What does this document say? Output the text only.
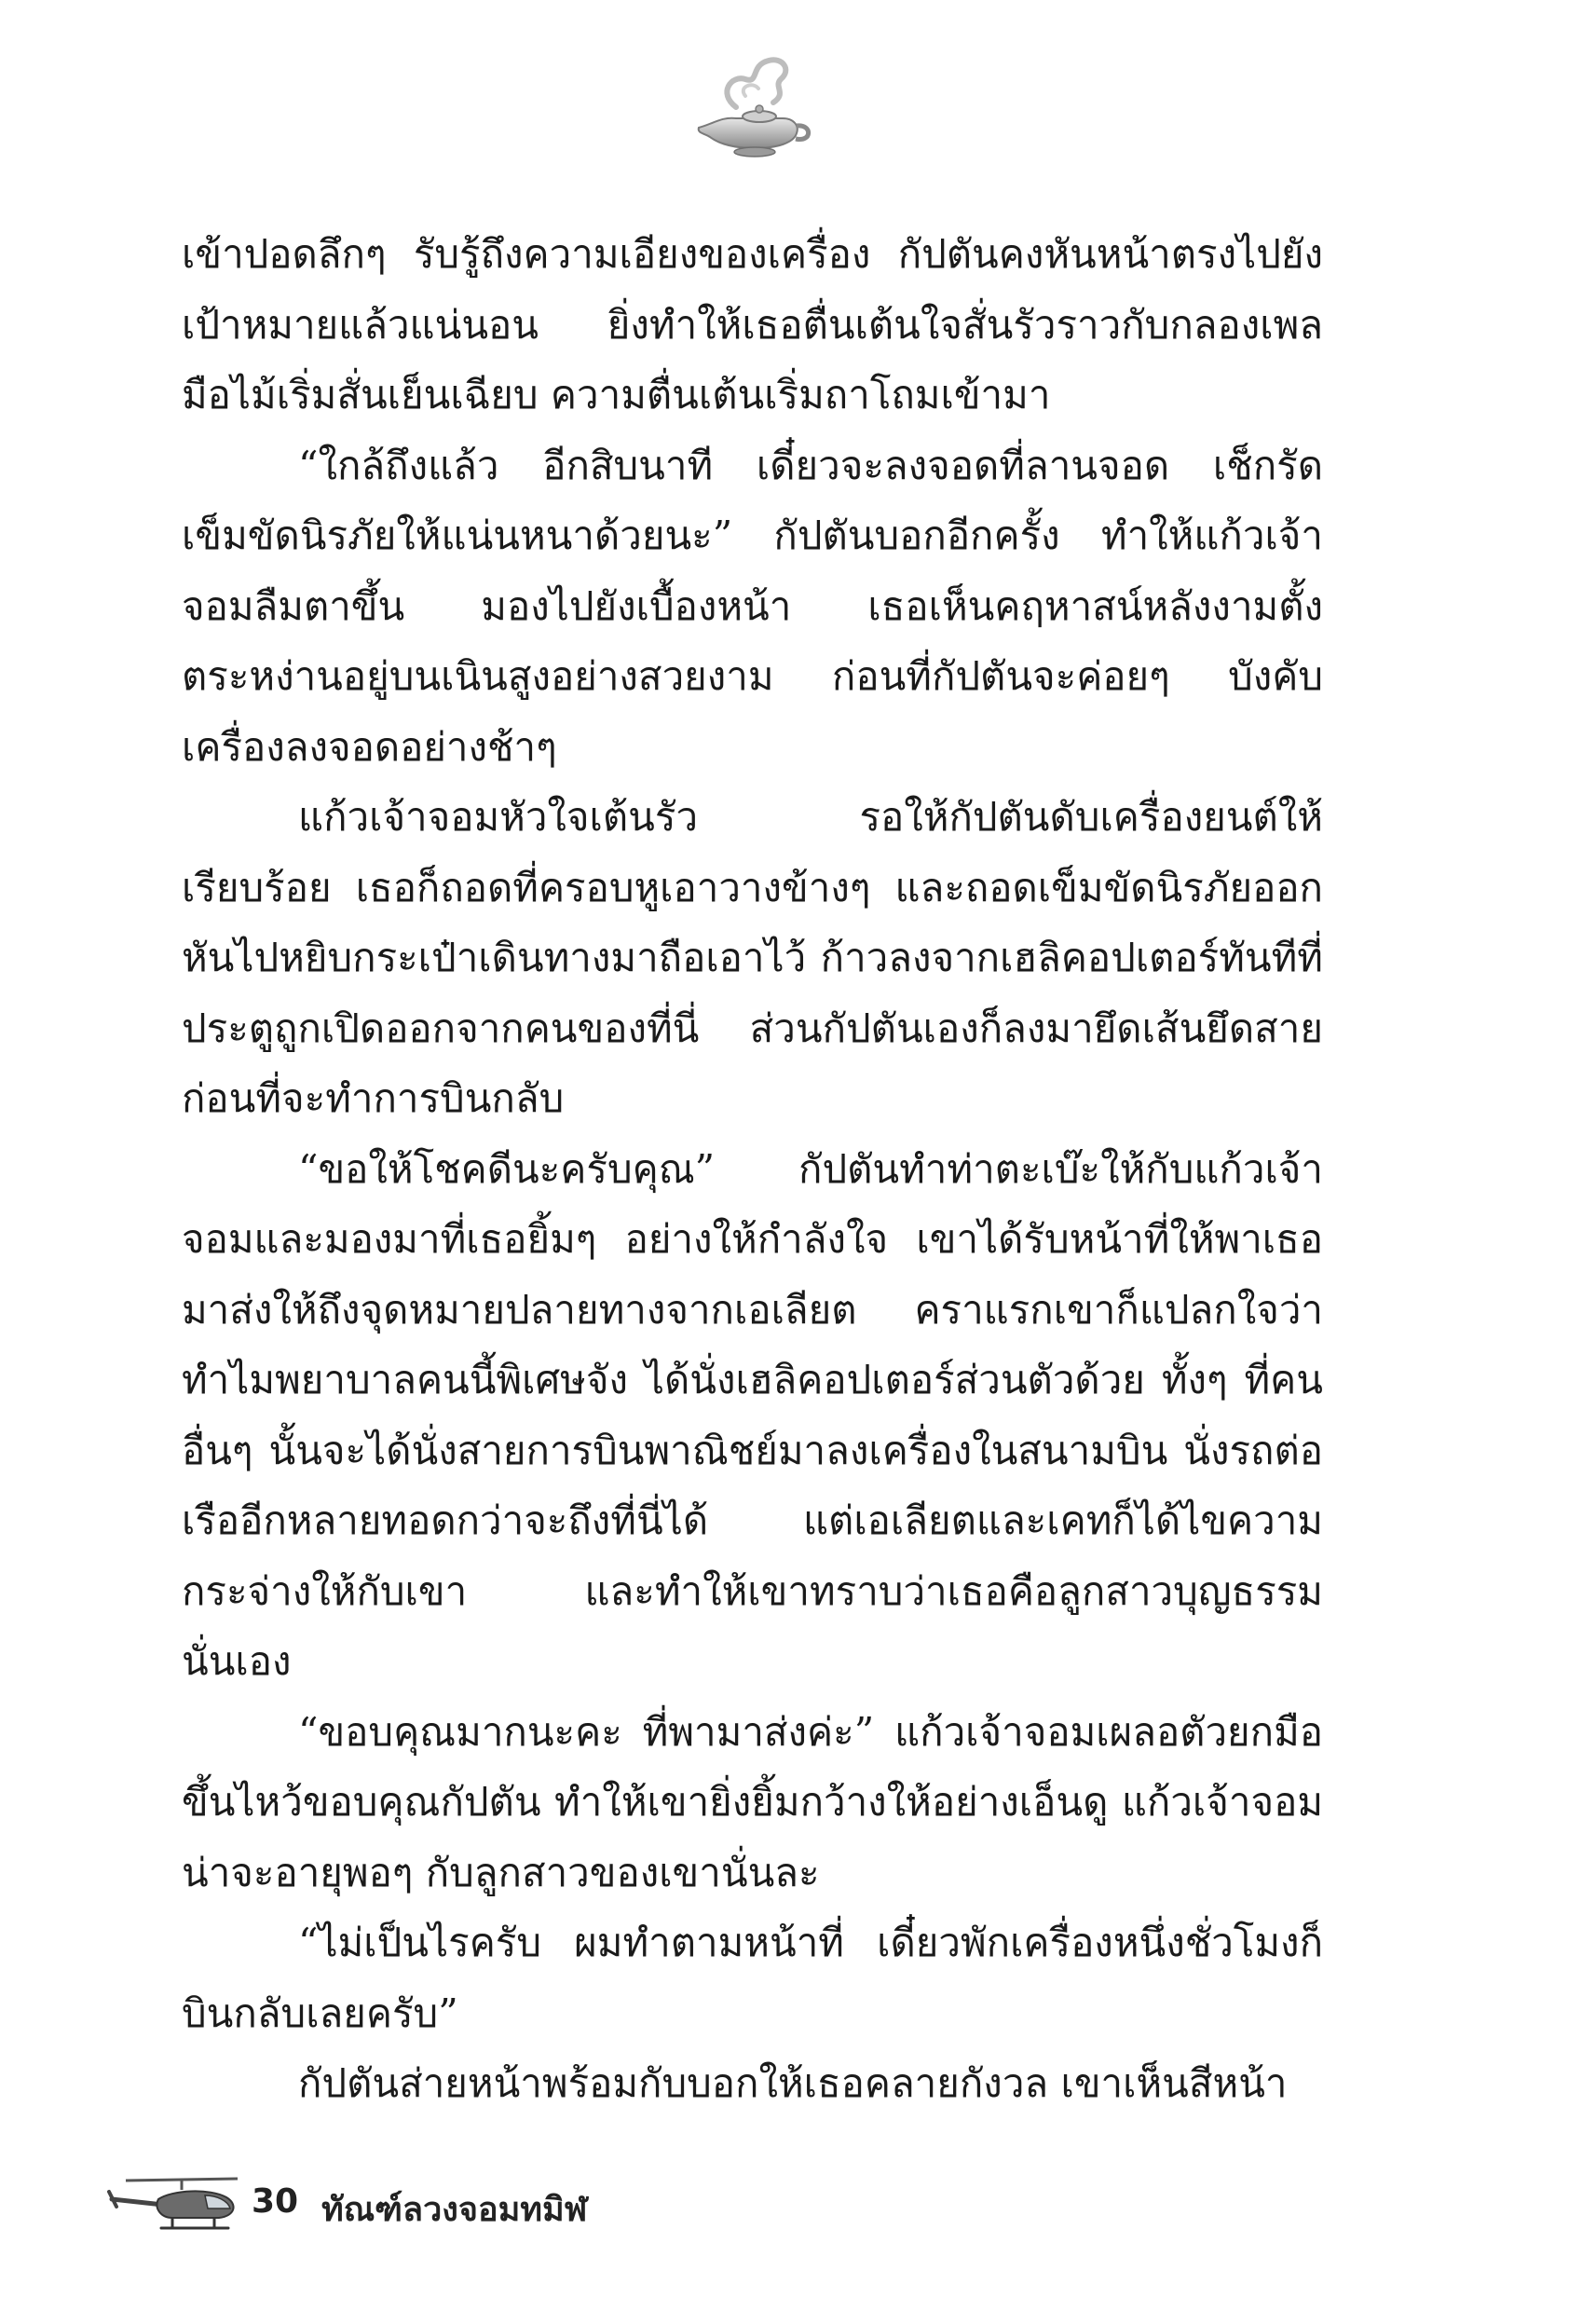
เข้าปอดลึกๆ รับรู้ถึงความเอียงของเครื่อง กัปตันคงหันหน้าตรงไปยังเป้าหมายแล้วแน่นอน ยิ่งทำให้เธอตื่นเต้นใจสั่นรัวราวกับกลองเพล มือไม้เริ่มสั่นเย็นเฉียบ ความตื่นเต้นเริ่มถาโถมเข้ามา

“ใกล้ถึงแล้ว อีกสิบนาที เดี๋ยวจะลงจอดที่ลานจอด เช็กรัดเข็มขัดนิรภัยให้แน่นหนาด้วยนะ” กัปตันบอกอีกครั้ง ทำให้แก้วเจ้าจอมลืมตาขึ้น มองไปยังเบื้องหน้า เธอเห็นคฤหาสน์หลังงามตั้งตระหง่านอยู่บนเนินสูงอย่างสวยงาม ก่อนที่กัปตันจะค่อยๆ บังคับเครื่องลงจอดอย่างช้าๆ

แก้วเจ้าจอมหัวใจเต้นรัว รอให้กัปตันดับเครื่องยนต์ให้เรียบร้อย เธอก็ถอดที่ครอบหูเอาวางข้างๆ และถอดเข็มขัดนิรภัยออก หันไปหยิบกระเป๋าเดินทางมาถือเอาไว้ ก้าวลงจากเฮลิคอปเตอร์ทันทีที่ประตูถูกเปิดออกจากคนของที่นี่ ส่วนกัปตันเองก็ลงมายึดเส้นยึดสายก่อนที่จะทำการบินกลับ

“ขอให้โชคดีนะครับคุณ” กัปตันทำท่าตะเบ๊ะให้กับแก้วเจ้าจอมและมองมาที่เธอยิ้มๆ อย่างให้กำลังใจ เขาได้รับหน้าที่ให้พาเธอมาส่งให้ถึงจุดหมายปลายทางจากเอเลียต คราแรกเขาก็แปลกใจว่าทำไมพยาบาลคนนี้พิเศษจัง ได้นั่งเฮลิคอปเตอร์ส่วนตัวด้วย ทั้งๆ ที่คนอื่นๆ นั้นจะได้นั่งสายการบินพาณิชย์มาลงเครื่องในสนามบิน นั่งรถต่อเรืออีกหลายทอดกว่าจะถึงที่นี่ได้ แต่เอเลียตและเคทก็ได้ไขความกระจ่างให้กับเขา และทำให้เขาทราบว่าเธอคือลูกสาวบุญธรรมนั่นเอง

“ขอบคุณมากนะคะ ที่พามาส่งค่ะ” แก้วเจ้าจอมเผลอตัวยกมือขึ้นไหว้ขอบคุณกัปตัน ทำให้เขายิ่งยิ้มกว้างให้อย่างเอ็นดู แก้วเจ้าจอมน่าจะอายุพอๆ กับลูกสาวของเขานั่นละ

“ไม่เป็นไรครับ ผมทำตามหน้าที่ เดี๋ยวพักเครื่องหนึ่งชั่วโมงก็บินกลับเลยครับ”

กัปตันส่ายหน้าพร้อมกับบอกให้เธอคลายกังวล เขาเห็นสีหน้า

30 ทัณฑ์ลวงจอมทมิฬ
